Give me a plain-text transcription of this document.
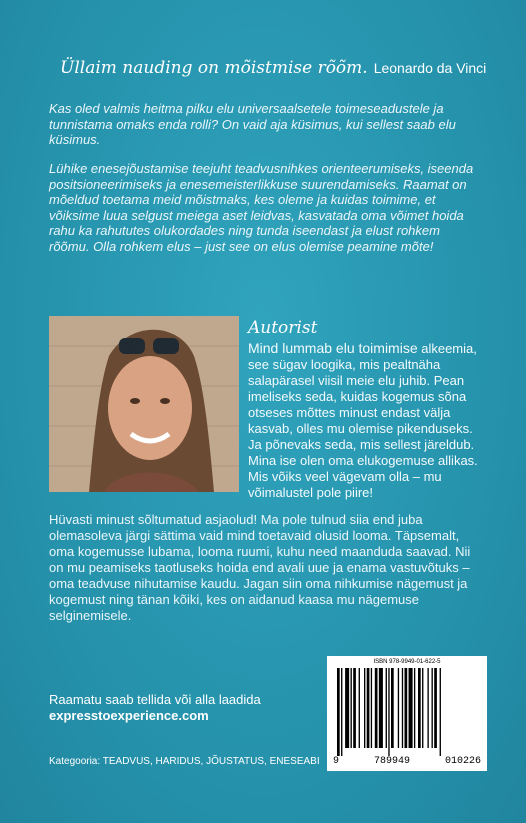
Üllaim nauding on mõistmise rõõm. Leonardo da Vinci
Kas oled valmis heitma pilku elu universaalsetele toimeseadustele ja tunnistama omaks enda rolli? On vaid aja küsimus, kui sellest saab elu küsimus.
Lühike enesejõustamise teejuht teadvusnihkes orienteerumiseks, iseenda positsioneerimiseks ja enesemeisterlikkuse suurendamiseks. Raamat on mõeldud toetama meid mõistmaks, kes oleme ja kuidas toimime, et võiksime luua selgust meiega aset leidvas, kasvatada oma võimet hoida rahu ka rahututes olukordades ning tunda iseendast ja elust rohkem rõõmu. Olla rohkem elus – just see on elus olemise peamine mõte!
Autorist
Mind lummab elu toimimise alkeemia, see sügav loogika, mis pealtnäha salapärasel viisil meie elu juhib. Pean imeliseks seda, kuidas kogemus sõna otseses mõttes minust endast välja kasvab, olles mu olemise pikenduseks. Ja põnevaks seda, mis sellest järeldub. Mina ise olen oma elukogemuse allikas. Mis võiks veel vägevam olla – mu võimalustel pole piire!
Hüvasti minust sõltumatud asjaolud! Ma pole tulnud siia end juba olemasoleva järgi sättima vaid mind toetavaid olusid looma. Täpsemalt, oma kogemusse lubama, looma ruumi, kuhu need maanduda saavad. Nii on mu peamiseks taotluseks hoida end avali uue ja enama vastuvõtuks – oma teadvuse nihutamise kaudu. Jagan siin oma nihkumise nägemust ja kogemust ning tänan kõiki, kes on aidanud kaasa mu nägemuse selginemisele.
Raamatu saab tellida või alla laadida
expresstoexperience.com
Kategooria: TEADVUS, HARIDUS, JÕUSTATUS, ENESEABI
ISBN 978-9949-01-622-5
9	789949	010226
